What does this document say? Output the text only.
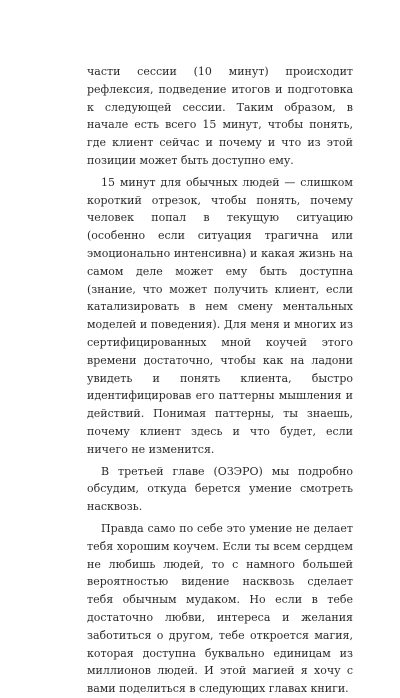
части сессии (10 минут) происходит рефлексия, подведение итогов и подготовка к следующей сессии. Таким образом, в начале есть всего 15 минут, чтобы понять, где клиент сейчас и почему и что из этой позиции может быть доступно ему.

15 минут для обычных людей — слишком короткий отрезок, чтобы понять, почему человек попал в текущую ситуацию (особенно если ситуация трагична или эмоционально интенсивна) и какая жизнь на самом деле может ему быть доступна (знание, что может получить клиент, если катализировать в нем смену ментальных моделей и поведения). Для меня и многих из сертифицированных мной коучей этого времени достаточно, чтобы как на ладони увидеть и понять клиента, быстро идентифицировав его паттерны мышления и действий. Понимая паттерны, ты знаешь, почему клиент здесь и что будет, если ничего не изменится.

В третьей главе (ОЗЭРО) мы подробно обсудим, откуда берется умение смотреть насквозь.

Правда само по себе это умение не делает тебя хорошим коучем. Если ты всем сердцем не любишь людей, то с намного большей вероятностью видение насквозь сделает тебя обычным мудаком. Но если в тебе достаточно любви, интереса и желания заботиться о другом, тебе откроется магия, которая доступна буквально единицам из миллионов людей. И этой магией я хочу с вами поделиться в следующих главах книги.
